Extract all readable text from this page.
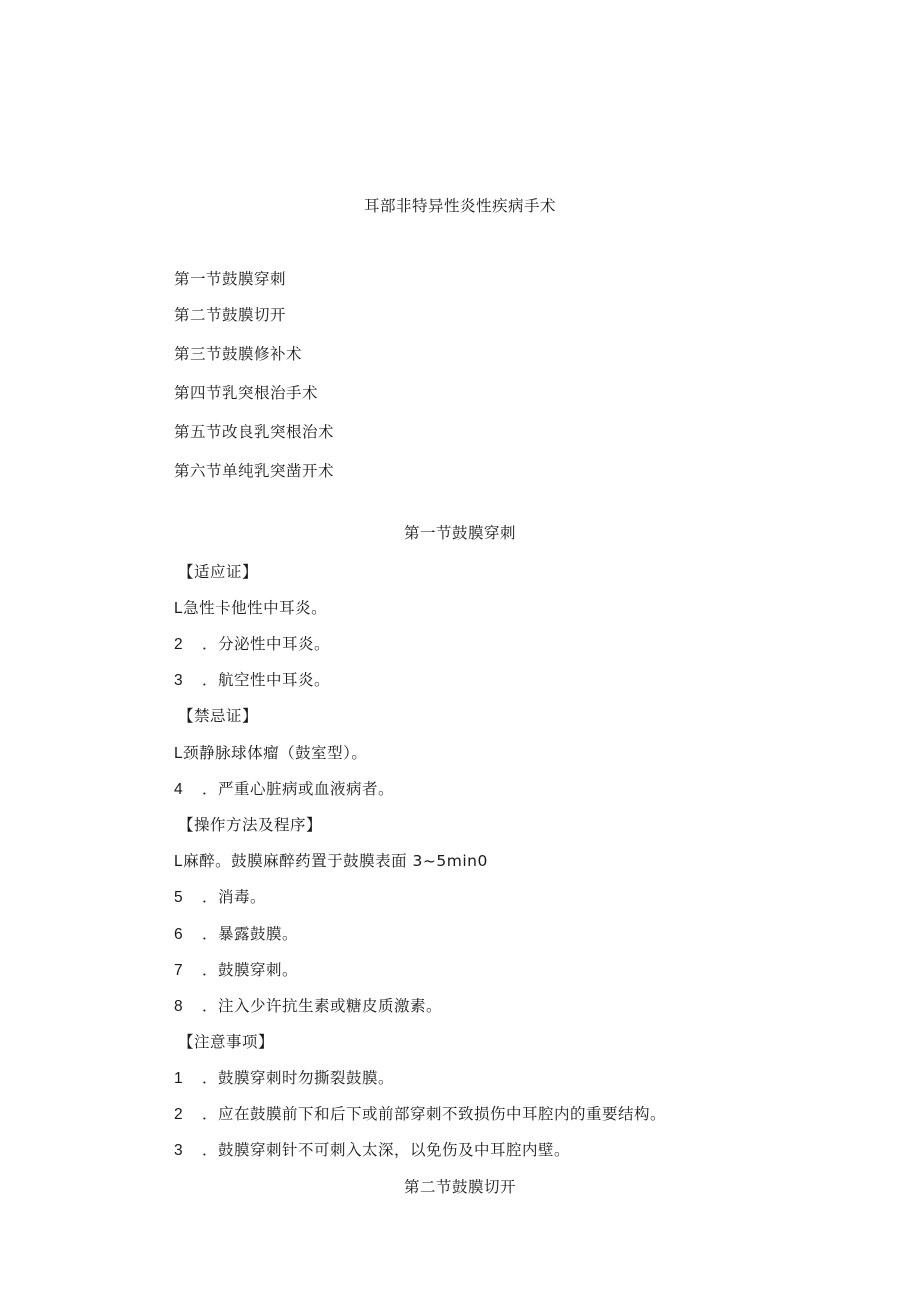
耳部非特异性炎性疾病手术
第一节鼓膜穿刺
第二节鼓膜切开
第三节鼓膜修补术
第四节乳突根治手术
第五节改良乳突根治术
第六节单纯乳突凿开术
第一节鼓膜穿刺
【适应证】
L急性卡他性中耳炎。
2 ．分泌性中耳炎。
3 ．航空性中耳炎。
【禁忌证】
L颈静脉球体瘤（鼓室型）。
4 ．严重心脏病或血液病者。
【操作方法及程序】
L麻醉。鼓膜麻醉药置于鼓膜表面 3~5min0
5 ．消毒。
6 ．暴露鼓膜。
7 ．鼓膜穿刺。
8 ．注入少许抗生素或糖皮质激素。
【注意事项】
1 ．鼓膜穿刺时勿撕裂鼓膜。
2 ．应在鼓膜前下和后下或前部穿刺不致损伤中耳腔内的重要结构。
3 ．鼓膜穿刺针不可刺入太深，以免伤及中耳腔内壁。
第二节鼓膜切开
